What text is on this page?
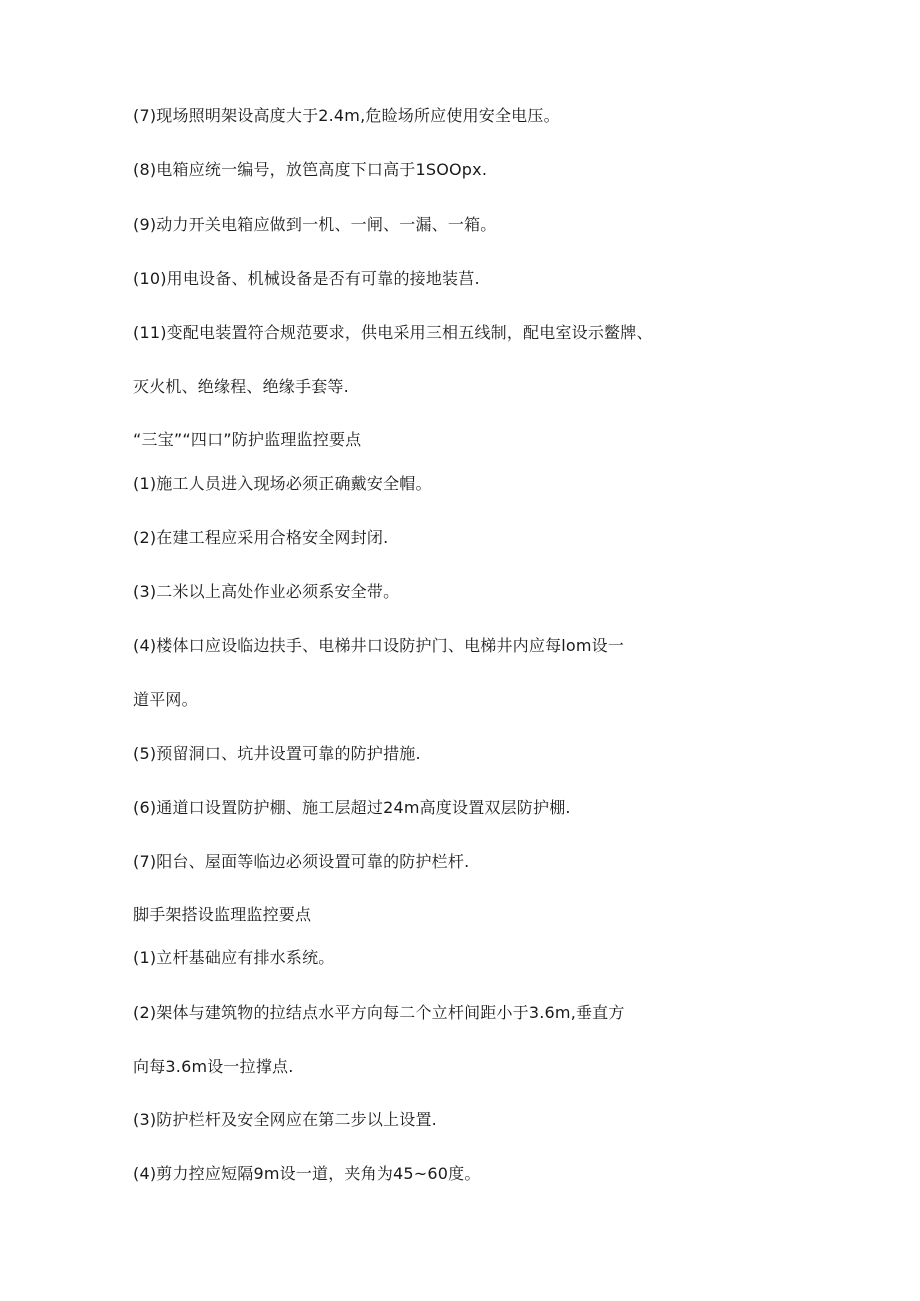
(7)现场照明架设高度大于2.4m,危睑场所应使用安全电压。
(8)电箱应统一编号，放笆高度下口高于1SOOpx.
(9)动力开关电箱应做到一机、一闸、一漏、一箱。
(10)用电设备、机械设备是否有可靠的接地装莒.
(11)变配电装置符合规范要求，供电采用三相五线制，配电室设示鳖牌、
灭火机、绝缘程、绝缘手套等.
“三宝”“四口”防护监理监控要点
(1)施工人员进入现场必须正确戴安全帽。
(2)在建工程应采用合格安全网封闭.
(3)二米以上高处作业必须系安全带。
(4)楼体口应设临边扶手、电梯井口设防护门、电梯井内应每lom设一
道平网。
(5)预留洞口、坑井设置可靠的防护措施.
(6)通道口设置防护棚、施工层超过24m高度设置双层防护棚.
(7)阳台、屋面等临边必须设置可靠的防护栏杆.
脚手架搭设监理监控要点
(1)立杆基础应有排水系统。
(2)架体与建筑物的拉结点水平方向每二个立杆间距小于3.6m,垂直方
向每3.6m设一拉撑点.
(3)防护栏杆及安全网应在第二步以上设置.
(4)剪力控应短隔9m设一道，夹角为45~60度。
